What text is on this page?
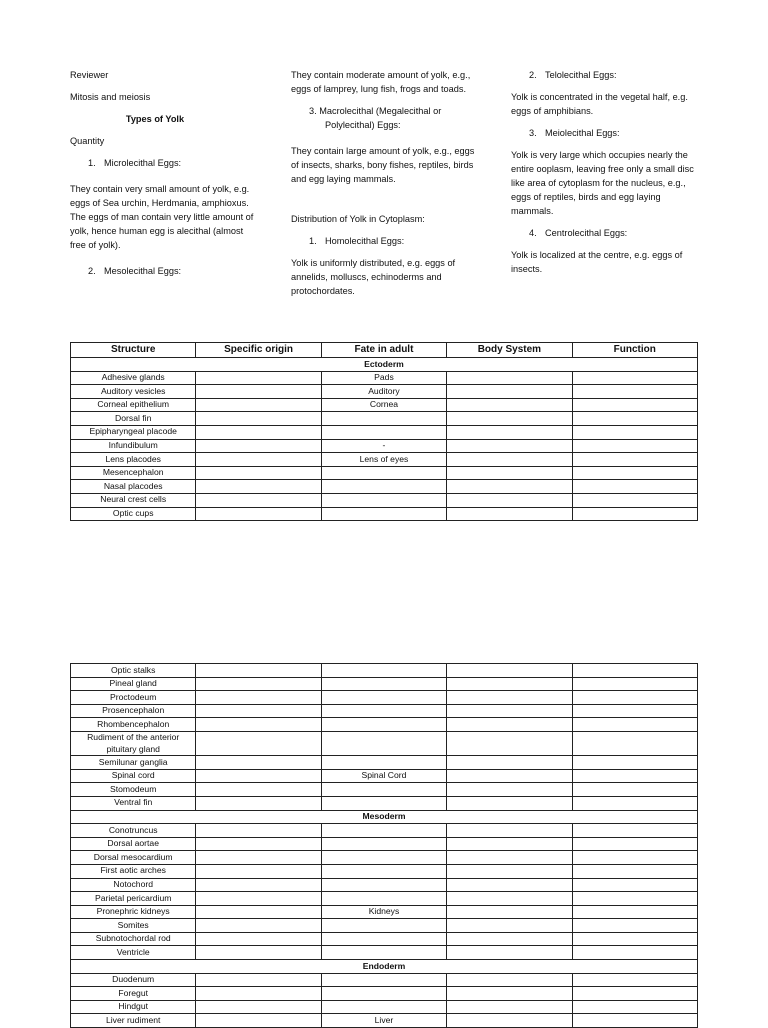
Reviewer

Mitosis and meiosis

Types of Yolk

Quantity

1. Microlecithal Eggs:

They contain very small amount of yolk, e.g. eggs of Sea urchin, Herdmania, amphioxus. The eggs of man contain very little amount of yolk, hence human egg is alecithal (almost free of yolk).

2. Mesolecithal Eggs:

They contain moderate amount of yolk, e.g., eggs of lamprey, lung fish, frogs and toads.

3. Macrolecithal (Megalecithal or Polylecithal) Eggs:

They contain large amount of yolk, e.g., eggs of insects, sharks, bony fishes, reptiles, birds and egg laying mammals.

Distribution of Yolk in Cytoplasm:

1. Homolecithal Eggs:

Yolk is uniformly distributed, e.g. eggs of annelids, molluscs, echinoderms and protochordates.

2. Telolecithal Eggs:

Yolk is concentrated in the vegetal half, e.g. eggs of amphibians.

3. Meiolecithal Eggs:

Yolk is very large which occupies nearly the entire ooplasm, leaving free only a small disc like area of cytoplasm for the nucleus, e.g., eggs of reptiles, birds and egg laying mammals.

4. Centrolecithal Eggs:

Yolk is localized at the centre, e.g. eggs of insects.

Structure	Specific origin	Fate in adult	Body System	Function
Ectoderm				
Adhesive glands		Pads		
Auditory vesicles		Auditory		
Corneal epithelium		Cornea		
Dorsal fin				
Epipharyngeal placode				
Infundibulum		-		
Lens placodes		Lens of eyes		
Mesencephalon				
Nasal placodes				
Neural crest cells				
Optic cups				
Optic stalks				
Pineal gland				
Proctodeum				
Prosencephalon				
Rhombencephalon				
Rudiment of the anterior pituitary gland				
Semilunar ganglia				
Spinal cord		Spinal Cord		
Stomodeum				
Ventral fin				
Mesoderm				
Conotruncus				
Dorsal aortae				
Dorsal mesocardium				
First aotic arches				
Notochord				
Parietal pericardium				
Pronephric kidneys		Kidneys		
Somites				
Subnotochordal rod				
Ventricle				
Endoderm				
Duodenum				
Foregut				
Hindgut				
Liver rudiment		Liver		
